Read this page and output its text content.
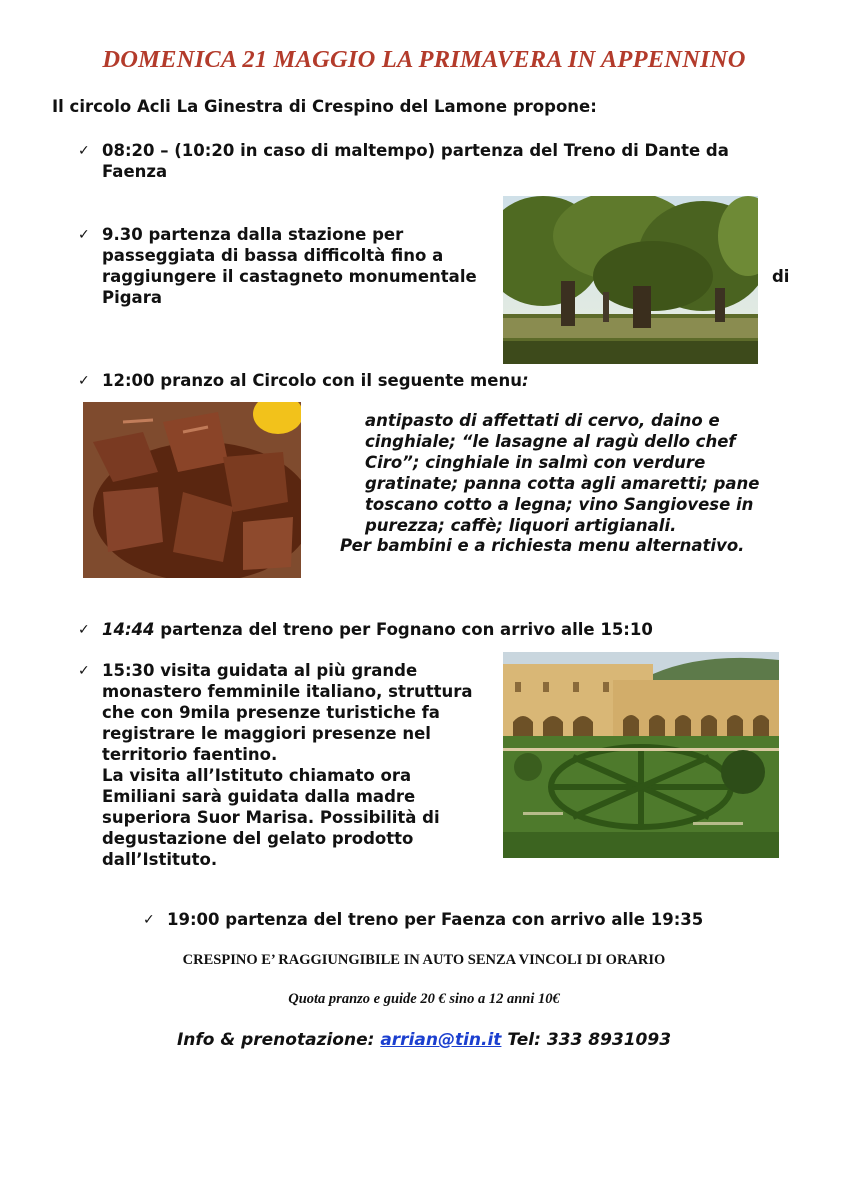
DOMENICA 21 MAGGIO LA PRIMAVERA IN APPENNINO
Il circolo Acli La Ginestra di Crespino del Lamone propone:
✓ 08:20 – (10:20 in caso di maltempo) partenza del Treno di Dante da
Faenza
✓ 9.30 partenza dalla stazione per
passeggiata di bassa difficoltà fino a
raggiungere il castagneto monumentale
Pigara
di
✓ 12:00 pranzo al Circolo con il seguente menu:
antipasto di affettati di cervo, daino e
cinghiale; “le lasagne al ragù dello chef
Ciro”; cinghiale in salmì con verdure
gratinate; panna cotta agli amaretti; pane
toscano cotto a legna; vino Sangiovese in
purezza; caffè; liquori artigianali.
Per bambini e a richiesta menu alternativo.
✓ 14:44 partenza del treno per Fognano con arrivo alle 15:10
✓ 15:30 visita guidata al più grande
monastero femminile italiano, struttura
che con 9mila presenze turistiche fa
registrare le maggiori presenze nel
territorio faentino.
La visita all’Istituto chiamato ora
Emiliani sarà guidata dalla madre
superiora Suor Marisa. Possibilità di
degustazione del gelato prodotto
dall’Istituto.
✓ 19:00 partenza del treno per Faenza con arrivo alle 19:35
CRESPINO E’ RAGGIUNGIBILE IN AUTO SENZA VINCOLI DI ORARIO
Quota pranzo e guide 20 € sino a 12 anni 10€
Info & prenotazione: arrian@tin.it Tel: 333 8931093
